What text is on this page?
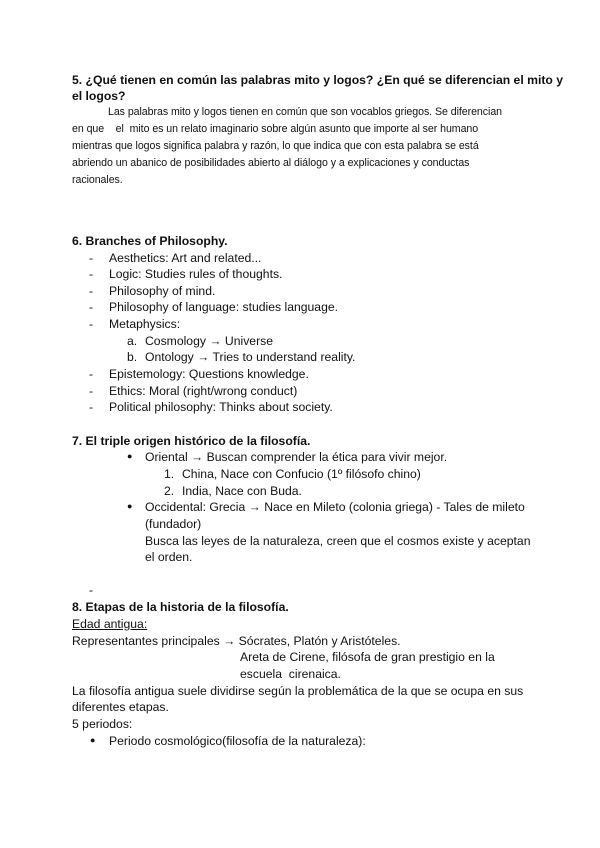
5. ¿Qué tienen en común las palabras mito y logos? ¿En qué se diferencian el mito y
el logos?
Las palabras mito y logos tienen en común que son vocablos griegos. Se diferencian
en que    el  mito es un relato imaginario sobre algún asunto que importe al ser humano
mientras que logos significa palabra y razón, lo que indica que con esta palabra se está
abriendo un abanico de posibilidades abierto al diálogo y a explicaciones y conductas
racionales.
6. Branches of Philosophy.
- Aesthetics: Art and related...
- Logic: Studies rules of thoughts.
- Philosophy of mind.
- Philosophy of language: studies language.
- Metaphysics:
a. Cosmology → Universe
b. Ontology → Tries to understand reality.
- Epistemology: Questions knowledge.
- Ethics: Moral (right/wrong conduct)
- Political philosophy: Thinks about society.
7. El triple origen histórico de la filosofía.
● Oriental → Buscan comprender la ética para vivir mejor.
1. China, Nace con Confucio (1º filósofo chino)
2. India, Nace con Buda.
● Occidental: Grecia → Nace en Mileto (colonia griega) - Tales de mileto
(fundador)
Busca las leyes de la naturaleza, creen que el cosmos existe y aceptan
el orden.
-
8. Etapas de la historia de la filosofía.
Edad antigua:
Representantes principales → Sócrates, Platón y Aristóteles.
Areta de Cirene, filósofa de gran prestigio en la
escuela  cirenaica.
La filosofía antigua suele dividirse según la problemática de la que se ocupa en sus
diferentes etapas.
5 periodos:
● Periodo cosmológico(filosofía de la naturaleza):
